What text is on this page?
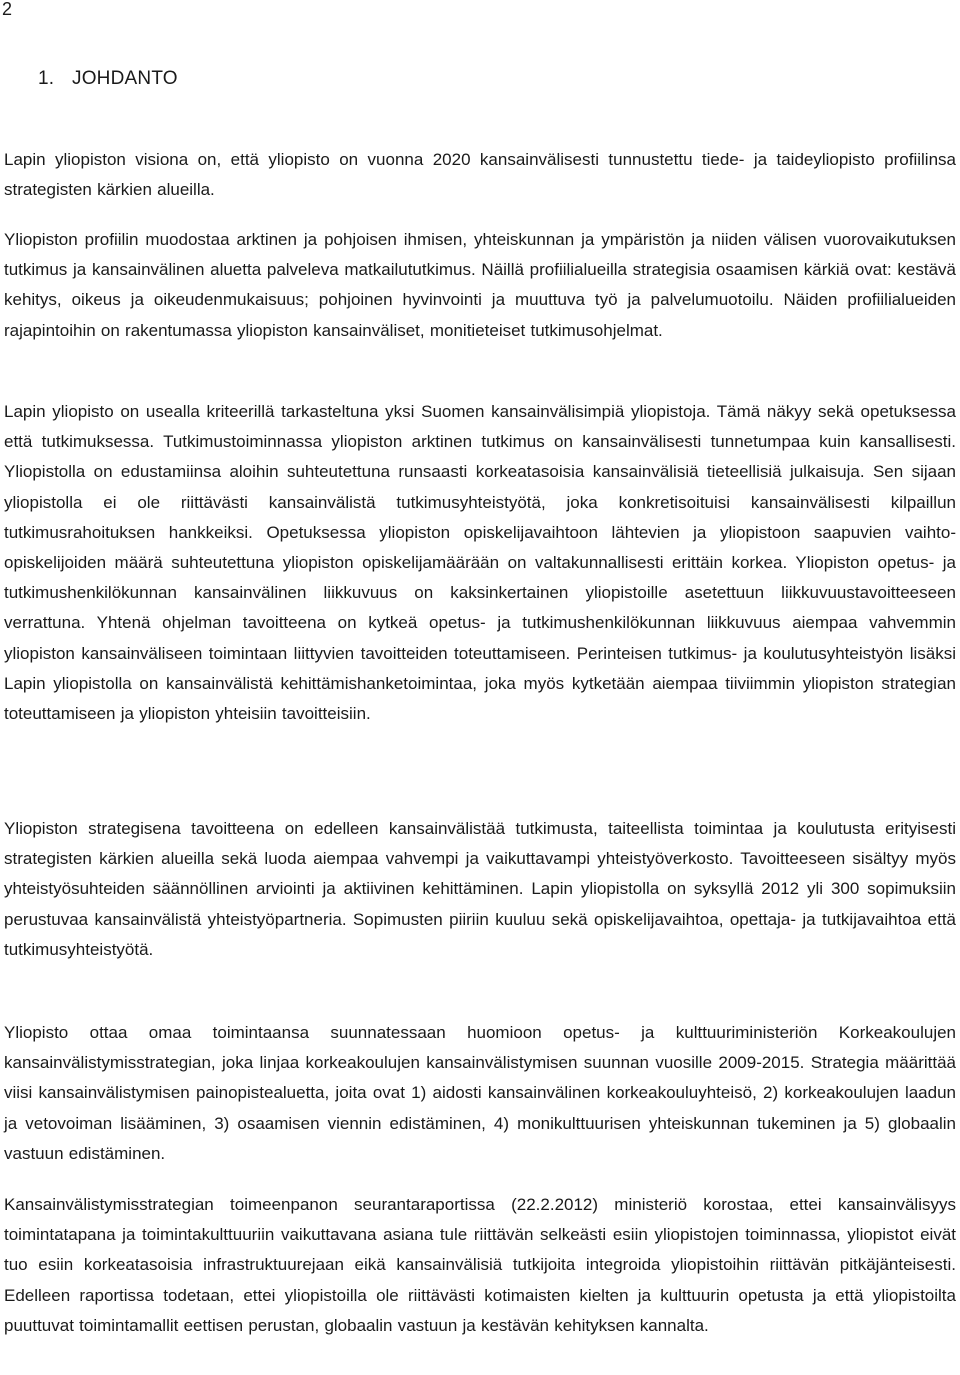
2
1. JOHDANTO

Lapin yliopiston visiona on, että yliopisto on vuonna 2020 kansainvälisesti tunnustettu tiede- ja taideyliopisto profiilinsa strategisten kärkien alueilla.

Yliopiston profiilin muodostaa arktinen ja pohjoisen ihmisen, yhteiskunnan ja ympäristön ja niiden välisen vuorovaikutuksen tutkimus ja kansainvälinen aluetta palveleva matkailututkimus. Näillä profiilialueilla strategisia osaamisen kärkiä ovat: kestävä kehitys, oikeus ja oikeudenmukaisuus; pohjoinen hyvinvointi ja muuttuva työ ja palvelumuotoilu. Näiden profiilialueiden rajapintoihin on rakentumassa yliopiston kansainväliset, monitieteiset tutkimusohjelmat.

Lapin yliopisto on usealla kriteerillä tarkasteltuna yksi Suomen kansainvälisimpiä yliopistoja. Tämä näkyy sekä opetuksessa että tutkimuksessa. Tutkimustoiminnassa yliopiston arktinen tutkimus on kansainvälisesti tunnetumpaa kuin kansallisesti. Yliopistolla on edustamiinsa aloihin suhteutettuna runsaasti korkeatasoisia kansainvälisiä tieteellisiä julkaisuja. Sen sijaan yliopistolla ei ole riittävästi kansainvälistä tutkimusyhteistyötä, joka konkretisoituisi kansainvälisesti kilpaillun tutkimusrahoituksen hankkeiksi. Opetuksessa yliopiston opiskelijavaihtoon lähtevien ja yliopistoon saapuvien vaihto-opiskelijoiden määrä suhteutettuna yliopiston opiskelijamäärään on valtakunnallisesti erittäin korkea. Yliopiston opetus- ja tutkimushenkilökunnan kansainvälinen liikkuvuus on kaksinkertainen yliopistoille asetettuun liikkuvuustavoitteeseen verrattuna. Yhtenä ohjelman tavoitteena on kytkeä opetus- ja tutkimushenkilökunnan liikkuvuus aiempaa vahvemmin yliopiston kansainväliseen toimintaan liittyvien tavoitteiden toteuttamiseen. Perinteisen tutkimus- ja koulutusyhteistyön lisäksi Lapin yliopistolla on kansainvälistä kehittämishanketoimintaa, joka myös kytketään aiempaa tiiviimmin yliopiston strategian toteuttamiseen ja yliopiston yhteisiin tavoitteisiin.

Yliopiston strategisena tavoitteena on edelleen kansainvälistää tutkimusta, taiteellista toimintaa ja koulutusta erityisesti strategisten kärkien alueilla sekä luoda aiempaa vahvempi ja vaikuttavampi yhteistyöverkosto. Tavoitteeseen sisältyy myös yhteistyösuhteiden säännöllinen arviointi ja aktiivinen kehittäminen. Lapin yliopistolla on syksyllä 2012 yli 300 sopimuksiin perustuvaa kansainvälistä yhteistyöpartneria. Sopimusten piiriin kuuluu sekä opiskelijavaihtoa, opettaja- ja tutkijavaihtoa että tutkimusyhteistyötä.

Yliopisto ottaa omaa toimintaansa suunnatessaan huomioon opetus- ja kulttuuriministeriön Korkeakoulujen kansainvälistymisstrategian, joka linjaa korkeakoulujen kansainvälistymisen suunnan vuosille 2009-2015. Strategia määrittää viisi kansainvälistymisen painopistealuetta, joita ovat 1) aidosti kansainvälinen korkeakouluyhteisö, 2) korkeakoulujen laadun ja vetovoiman lisääminen, 3) osaamisen viennin edistäminen, 4) monikulttuurisen yhteiskunnan tukeminen ja 5) globaalin vastuun edistäminen.

Kansainvälistymisstrategian toimeenpanon seurantaraportissa (22.2.2012) ministeriö korostaa, ettei kansainvälisyys toimintatapana ja toimintakulttuuriin vaikuttavana asiana tule riittävän selkeästi esiin yliopistojen toiminnassa, yliopistot eivät tuo esiin korkeatasoisia infrastruktuurejaan eikä kansainvälisiä tutkijoita integroida yliopistoihin riittävän pitkäjänteisesti. Edelleen raportissa todetaan, ettei yliopistoilla ole riittävästi kotimaisten kielten ja kulttuurin opetusta ja että yliopistoilta puuttuvat toimintamallit eettisen perustan, globaalin vastuun ja kestävän kehityksen kannalta.
